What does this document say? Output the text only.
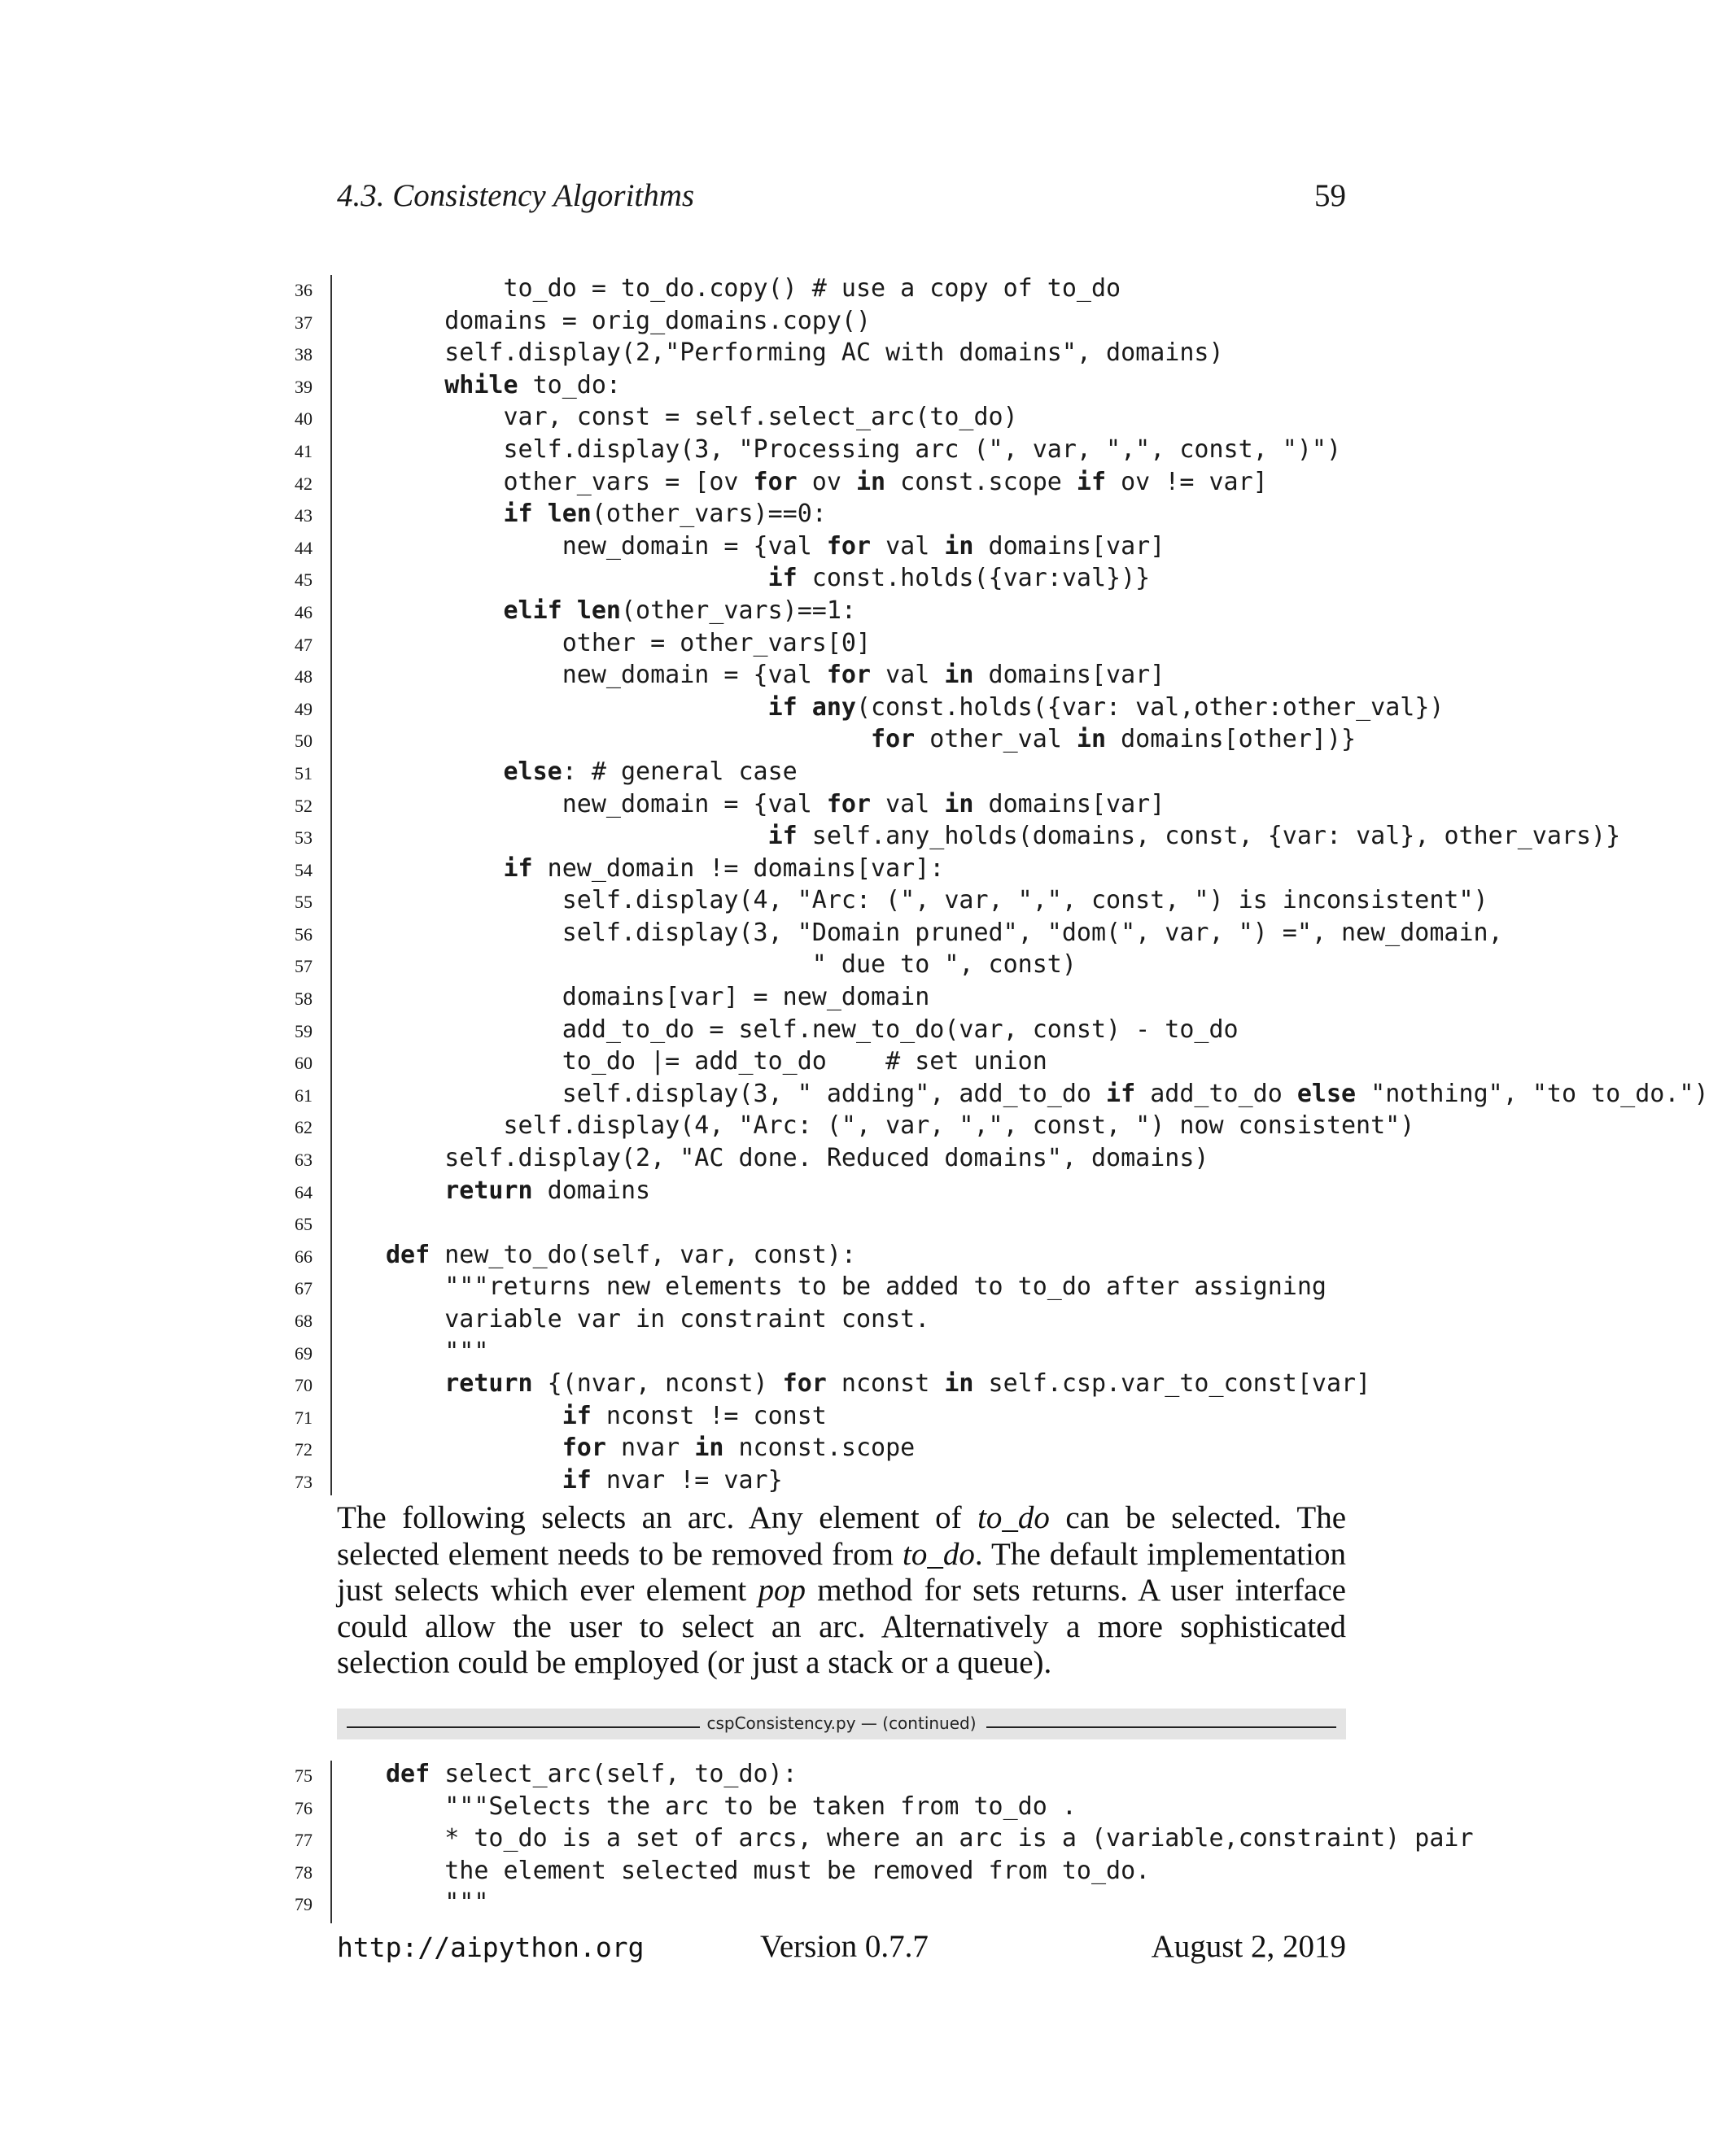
4.3. Consistency Algorithms	59
36	to_do = to_do.copy() # use a copy of to_do
37	domains = orig_domains.copy()
38	self.display(2,"Performing AC with domains", domains)
39	while to_do:
40	var, const = self.select_arc(to_do)
41	self.display(3, "Processing arc (", var, ",", const, ")")
42	other_vars = [ov for ov in const.scope if ov != var]
43	if len(other_vars)==0:
44	new_domain = {val for val in domains[var]
45	if const.holds({var:val})}
46	elif len(other_vars)==1:
47	other = other_vars[0]
48	new_domain = {val for val in domains[var]
49	if any(const.holds({var: val,other:other_val})
50	for other_val in domains[other])}
51	else: # general case
52	new_domain = {val for val in domains[var]
53	if self.any_holds(domains, const, {var: val}, other_vars)}
54	if new_domain != domains[var]:
55	self.display(4, "Arc: (", var, ",", const, ") is inconsistent")
56	self.display(3, "Domain pruned", "dom(", var, ") =", new_domain,
57	" due to ", const)
58	domains[var] = new_domain
59	add_to_do = self.new_to_do(var, const) - to_do
60	to_do |= add_to_do    # set union
61	self.display(3, " adding", add_to_do if add_to_do else "nothing", "to to_do.")
62	self.display(4, "Arc: (", var, ",", const, ") now consistent")
63	self.display(2, "AC done. Reduced domains", domains)
64	return domains
65
66	def new_to_do(self, var, const):
67	"""returns new elements to be added to to_do after assigning
68	variable var in constraint const.
69	"""
70	return {(nvar, nconst) for nconst in self.csp.var_to_const[var]
71	if nconst != const
72	for nvar in nconst.scope
73	if nvar != var}
The following selects an arc. Any element of to_do can be selected. The selected element needs to be removed from to_do. The default implementation just selects which ever element pop method for sets returns. A user interface could allow the user to select an arc. Alternatively a more sophisticated selection could be employed (or just a stack or a queue).
cspConsistency.py — (continued)
75	def select_arc(self, to_do):
76	"""Selects the arc to be taken from to_do .
77	* to_do is a set of arcs, where an arc is a (variable,constraint) pair
78	the element selected must be removed from to_do.
79	"""
http://aipython.org	Version 0.7.7	August 2, 2019
